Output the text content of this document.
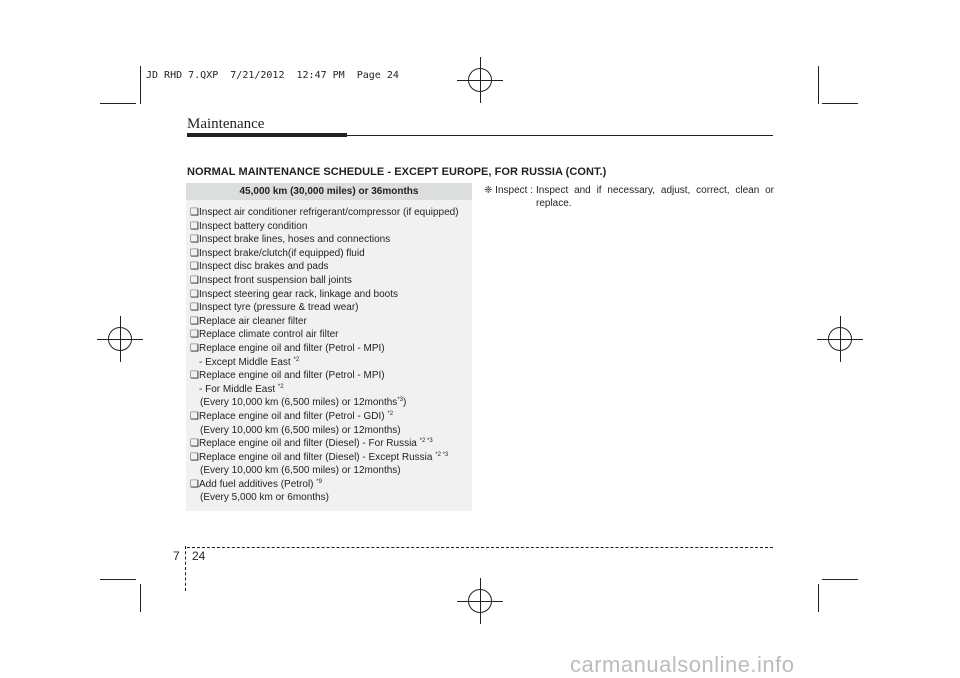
JD RHD 7.QXP  7/21/2012  12:47 PM  Page 24
Maintenance
NORMAL MAINTENANCE SCHEDULE - EXCEPT EUROPE, FOR RUSSIA (CONT.)
45,000 km (30,000 miles) or 36months
❑Inspect air conditioner refrigerant/compressor (if equipped)
❑Inspect battery condition
❑Inspect brake lines, hoses and connections
❑Inspect brake/clutch(if equipped) fluid
❑Inspect disc brakes and pads
❑Inspect front suspension ball joints
❑Inspect steering gear rack, linkage and boots
❑Inspect tyre (pressure & tread wear)
❑Replace air cleaner filter
❑Replace climate control air filter
❑Replace engine oil and filter (Petrol - MPI)
- Except Middle East $^{*2}$
❑Replace engine oil and filter (Petrol - MPI)
- For Middle East $^{*2}$
(Every 10,000 km (6,500 miles) or 12months$^{*3}$)
❑Replace engine oil and filter (Petrol - GDI) $^{*2}$
(Every 10,000 km (6,500 miles) or 12months)
❑Replace engine oil and filter (Diesel) - For Russia $^{*2 *3}$
❑Replace engine oil and filter (Diesel) - Except Russia $^{*2 *3}$
(Every 10,000 km (6,500 miles) or 12months)
❑Add fuel additives (Petrol) $^{*9}$
(Every 5,000 km or 6months)
❈ Inspect : Inspect and if necessary, adjust, correct, clean or replace.
7 24
carmanualsonline.info
